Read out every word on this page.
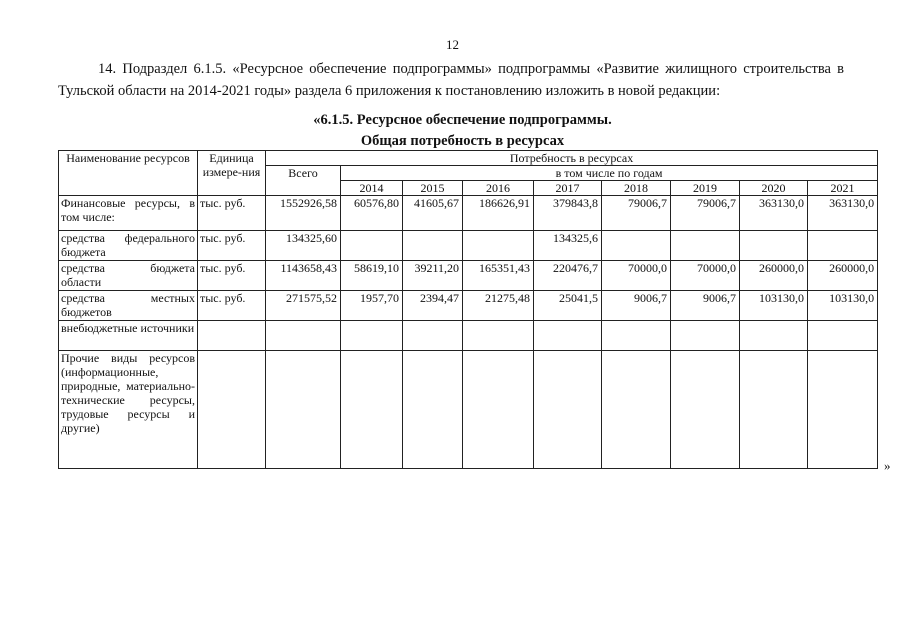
12

14. Подраздел 6.1.5. «Ресурсное обеспечение подпрограммы» подпрограммы «Развитие жилищного строительства в Тульской области на 2014-2021 годы» раздела 6 приложения к постановлению изложить в новой редакции:

«6.1.5. Ресурсное обеспечение подпрограммы.
Общая потребность в ресурсах
Наименование ресурсов	Единица измере-ния	Потребность в ресурсах								
		Всего	в том числе по годам							
			2014	2015	2016	2017	2018	2019	2020	2021
Финансовые ресурсы, в том числе:	тыс. руб.	1552926,58	60576,80	41605,67	186626,91	379843,8	79006,7	79006,7	363130,0	363130,0
средства федерального бюджета	тыс. руб.	134325,60				134325,6				
средства бюджета области	тыс. руб.	1143658,43	58619,10	39211,20	165351,43	220476,7	70000,0	70000,0	260000,0	260000,0
средства местных бюджетов	тыс. руб.	271575,52	1957,70	2394,47	21275,48	25041,5	9006,7	9006,7	103130,0	103130,0
внебюджетные источники										
Прочие виды ресурсов (информационные, природные, материально-технические ресурсы, трудовые ресурсы и другие)										
»
